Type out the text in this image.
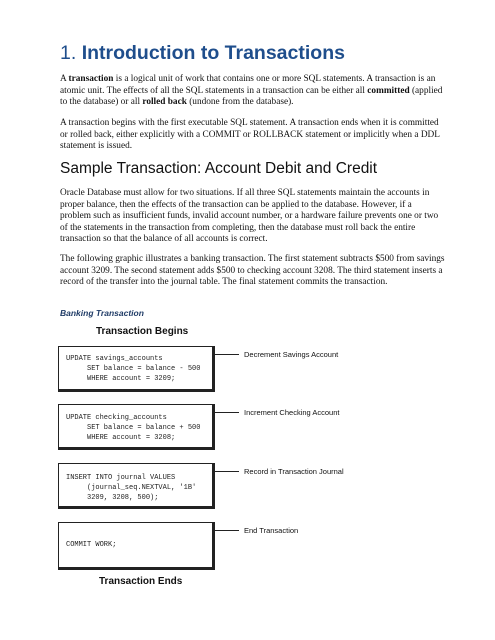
1. Introduction to Transactions

A transaction is a logical unit of work that contains one or more SQL statements. A transaction is an atomic unit. The effects of all the SQL statements in a transaction can be either all committed (applied to the database) or all rolled back (undone from the database).

A transaction begins with the first executable SQL statement. A transaction ends when it is committed or rolled back, either explicitly with a COMMIT or ROLLBACK statement or implicitly when a DDL statement is issued.

Sample Transaction: Account Debit and Credit

Oracle Database must allow for two situations. If all three SQL statements maintain the accounts in proper balance, then the effects of the transaction can be applied to the database. However, if a problem such as insufficient funds, invalid account number, or a hardware failure prevents one or two of the statements in the transaction from completing, then the database must roll back the entire transaction so that the balance of all accounts is correct.

The following graphic illustrates a banking transaction. The first statement subtracts $500 from savings account 3209. The second statement adds $500 to checking account 3208. The third statement inserts a record of the transfer into the journal table. The final statement commits the transaction.

Banking Transaction
Transaction Begins
UPDATE savings_accounts
SET balance = balance - 500
WHERE account = 3209;
Decrement Savings Account
UPDATE checking_accounts
SET balance = balance + 500
WHERE account = 3208;
Increment Checking Account
INSERT INTO journal VALUES
(journal_seq.NEXTVAL, '1B'
3209, 3208, 500);
Record in Transaction Journal
COMMIT WORK;
End Transaction
Transaction Ends
